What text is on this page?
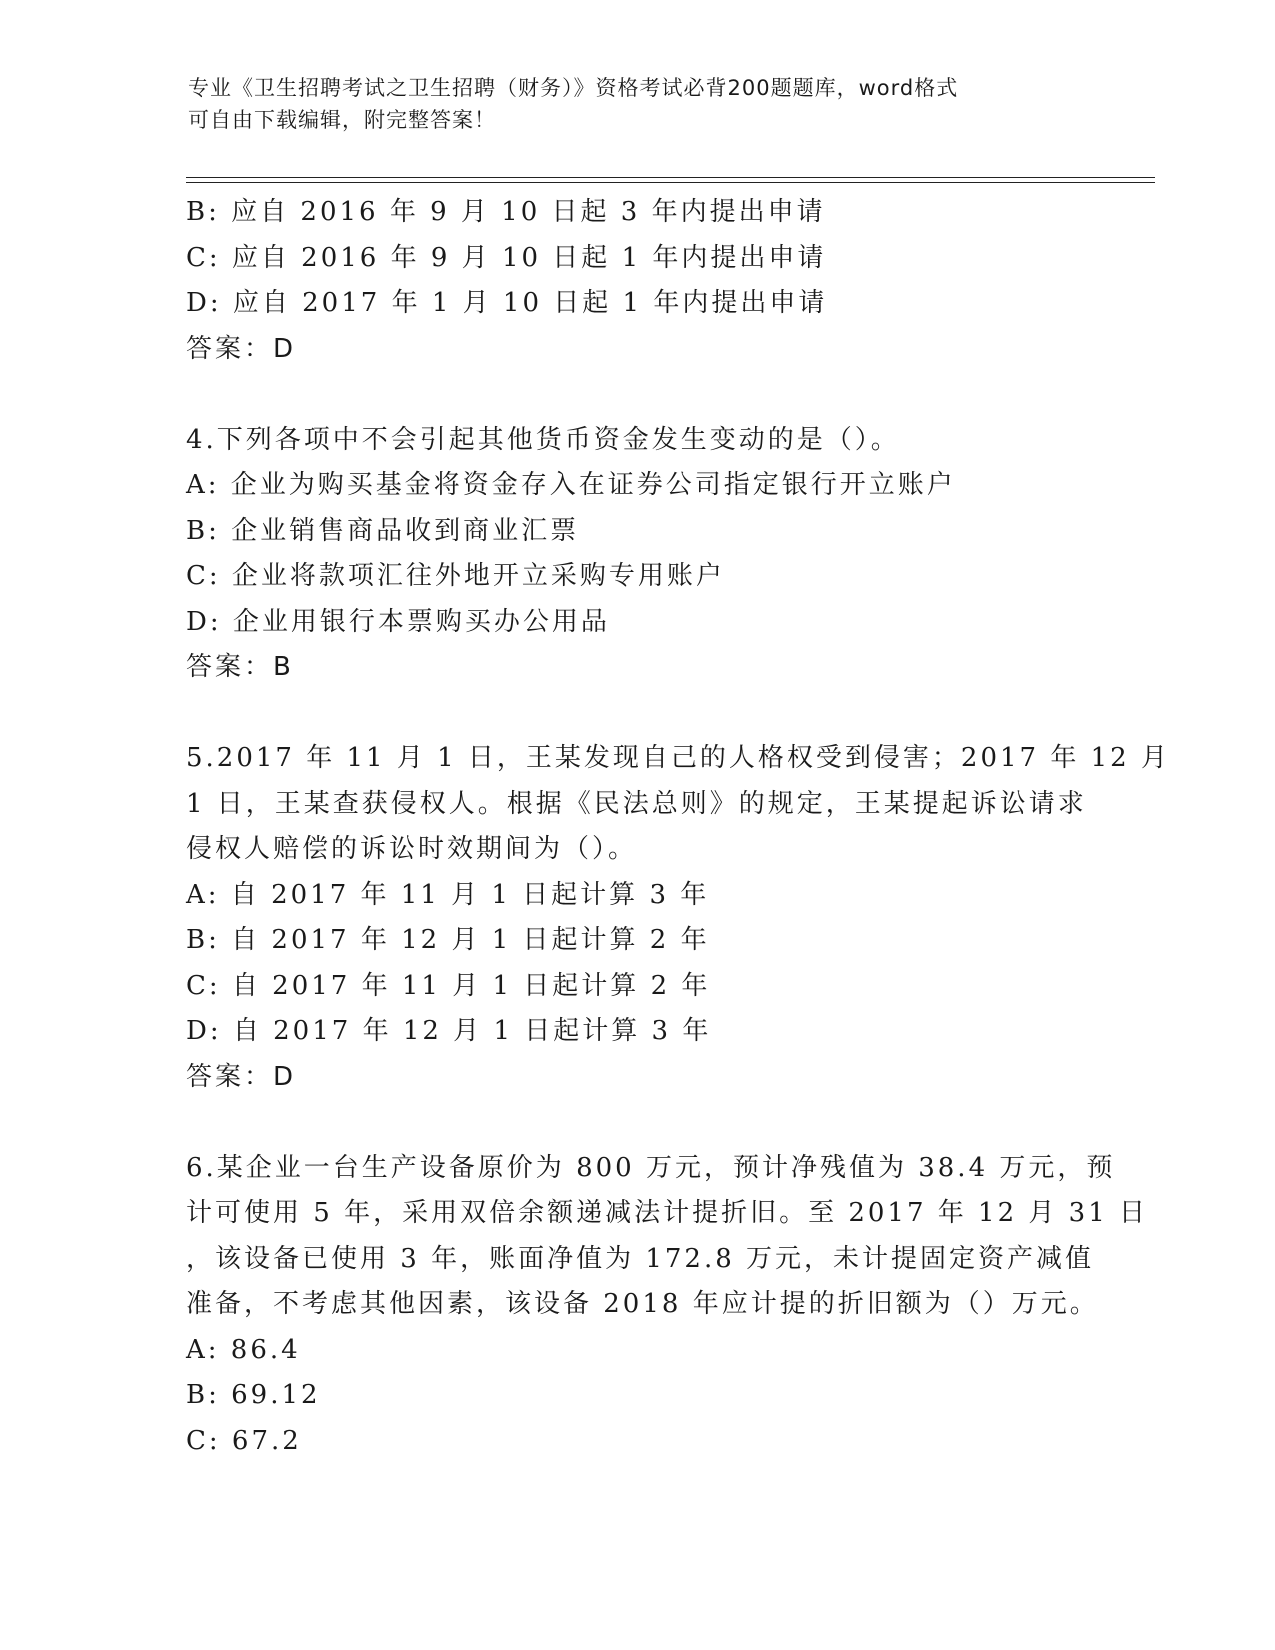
专业《卫生招聘考试之卫生招聘（财务）》资格考试必背200题题库，word格式
可自由下载编辑，附完整答案！
B: 应自 2016 年 9 月 10 日起 3 年内提出申请
C: 应自 2016 年 9 月 10 日起 1 年内提出申请
D: 应自 2017 年 1 月 10 日起 1 年内提出申请
答案：D
4.下列各项中不会引起其他货币资金发生变动的是（）。
A: 企业为购买基金将资金存入在证券公司指定银行开立账户
B: 企业销售商品收到商业汇票
C: 企业将款项汇往外地开立采购专用账户
D: 企业用银行本票购买办公用品
答案：B
5.2017 年 11 月 1 日，王某发现自己的人格权受到侵害；2017 年 12 月
1 日，王某查获侵权人。根据《民法总则》的规定，王某提起诉讼请求
侵权人赔偿的诉讼时效期间为（）。
A: 自 2017 年 11 月 1 日起计算 3 年
B: 自 2017 年 12 月 1 日起计算 2 年
C: 自 2017 年 11 月 1 日起计算 2 年
D: 自 2017 年 12 月 1 日起计算 3 年
答案：D
6.某企业一台生产设备原价为 800 万元，预计净残值为 38.4 万元，预
计可使用 5 年，采用双倍余额递减法计提折旧。至 2017 年 12 月 31 日
，该设备已使用 3 年，账面净值为 172.8 万元，未计提固定资产减值
准备，不考虑其他因素，该设备 2018 年应计提的折旧额为（）万元。
A: 86.4
B: 69.12
C: 67.2
